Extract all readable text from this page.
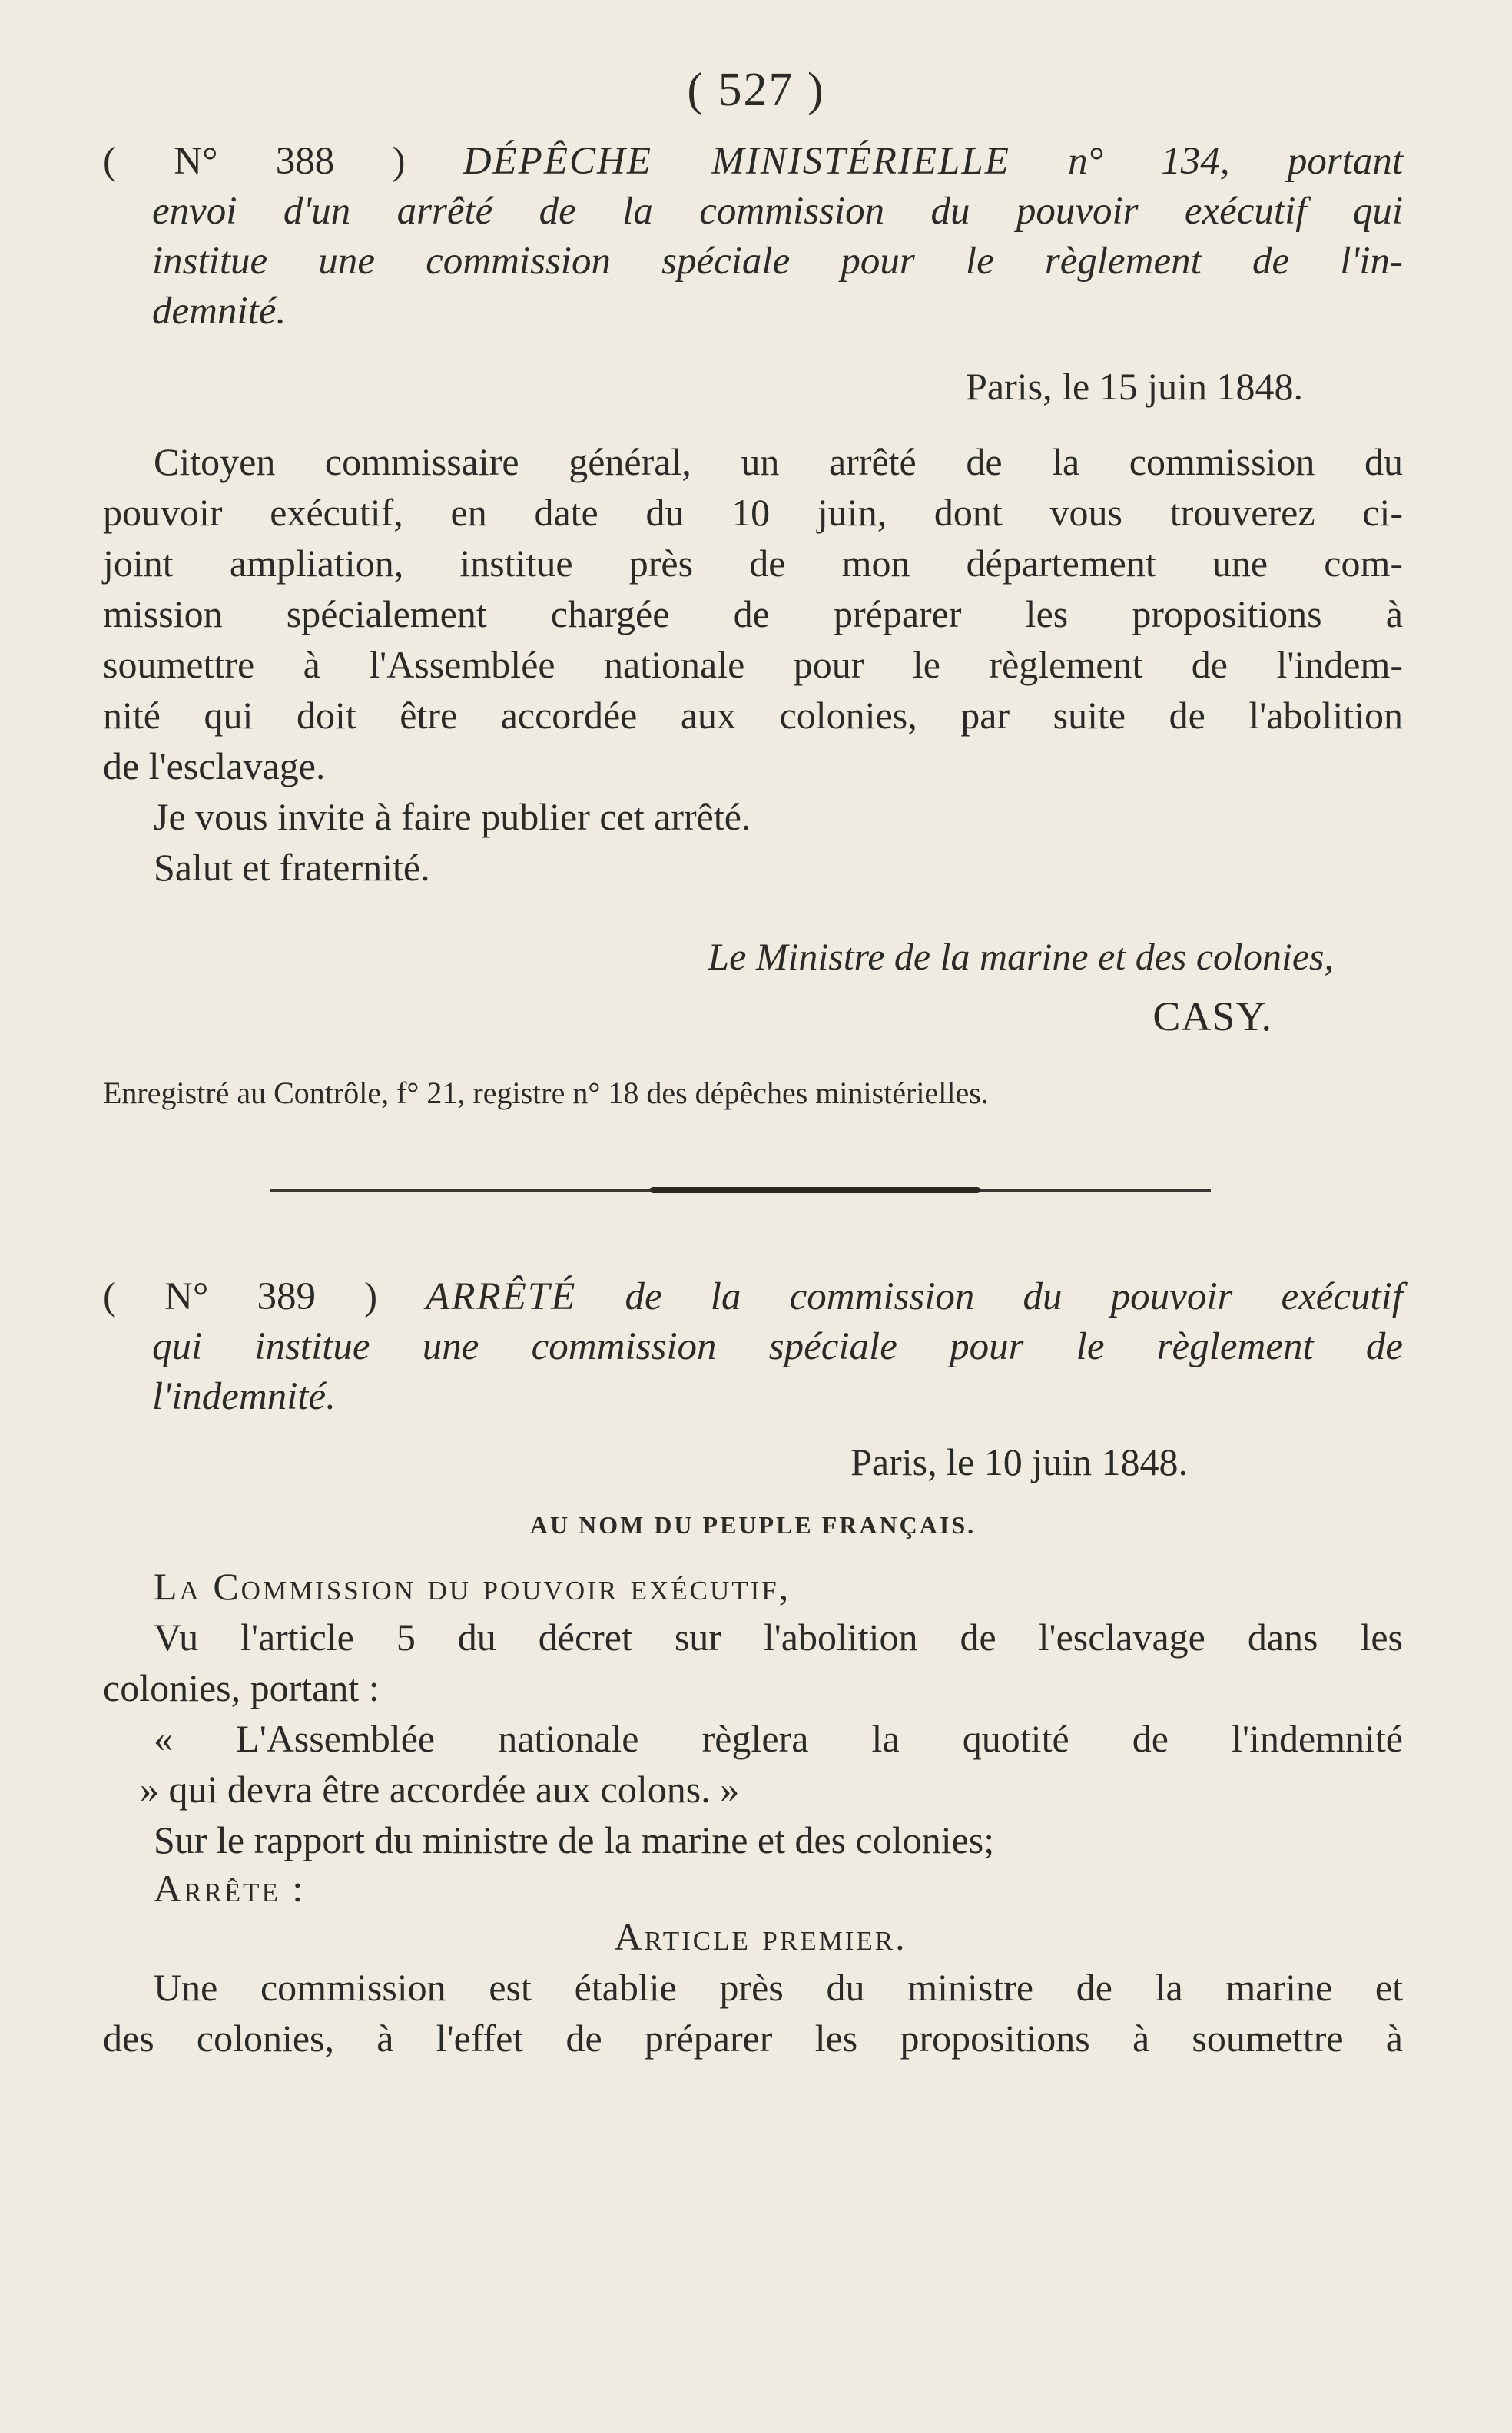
( 527 )
( N° 388 ) DÉPÊCHE MINISTÉRIELLE n° 134, portant
envoi d'un arrêté de la commission du pouvoir exécutif qui
institue une commission spéciale pour le règlement de l'in-
demnité.
Paris, le 15 juin 1848.
Citoyen commissaire général, un arrêté de la commission du
pouvoir exécutif, en date du 10 juin, dont vous trouverez ci-
joint ampliation, institue près de mon département une com-
mission spécialement chargée de préparer les propositions à
soumettre à l'Assemblée nationale pour le règlement de l'indem-
nité qui doit être accordée aux colonies, par suite de l'abolition
de l'esclavage.
Je vous invite à faire publier cet arrêté.
Salut et fraternité.
Le Ministre de la marine et des colonies,
CASY.
Enregistré au Contrôle, f° 21, registre n° 18 des dépêches ministérielles.
( N° 389 ) ARRÊTÉ de la commission du pouvoir exécutif
qui institue une commission spéciale pour le règlement de
l'indemnité.
Paris, le 10 juin 1848.
AU NOM DU PEUPLE FRANÇAIS.
La Commission du pouvoir exécutif,
Vu l'article 5 du décret sur l'abolition de l'esclavage dans les
colonies, portant :
« L'Assemblée nationale règlera la quotité de l'indemnité
» qui devra être accordée aux colons. »
Sur le rapport du ministre de la marine et des colonies;
Arrête :
Article premier.
Une commission est établie près du ministre de la marine et
des colonies, à l'effet de préparer les propositions à soumettre à
